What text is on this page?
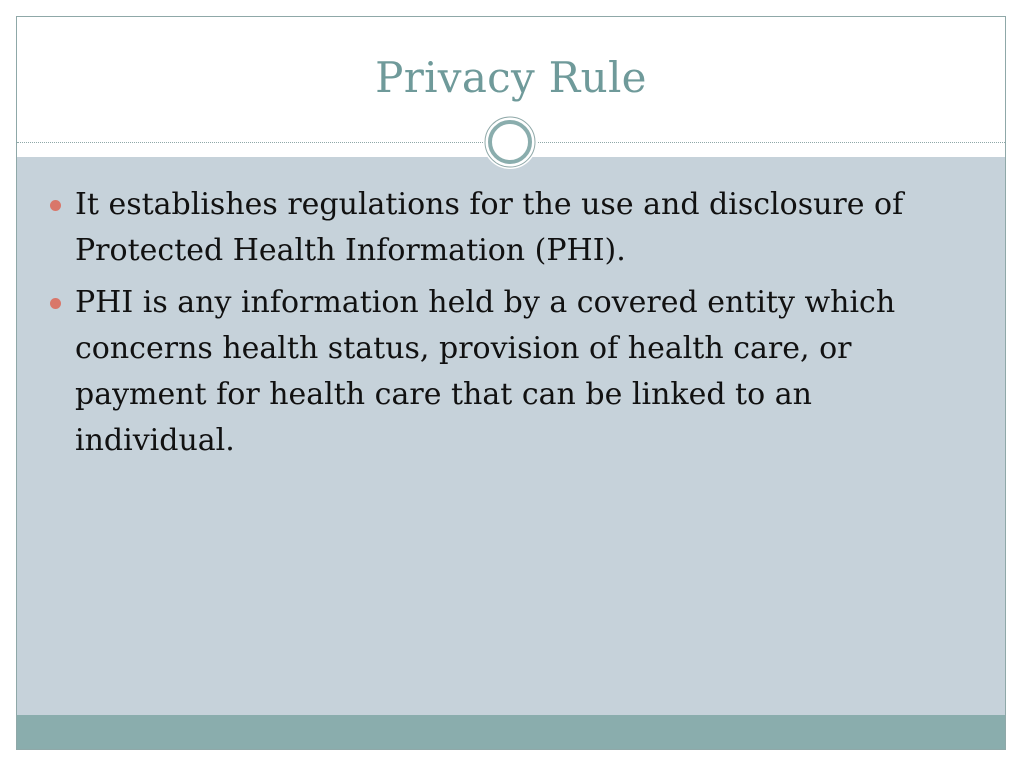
Privacy Rule
It establishes regulations for the use and disclosure of Protected Health Information (PHI).
PHI is any information held by a covered entity which concerns health status, provision of health care, or payment for health care that can be linked to an individual.
